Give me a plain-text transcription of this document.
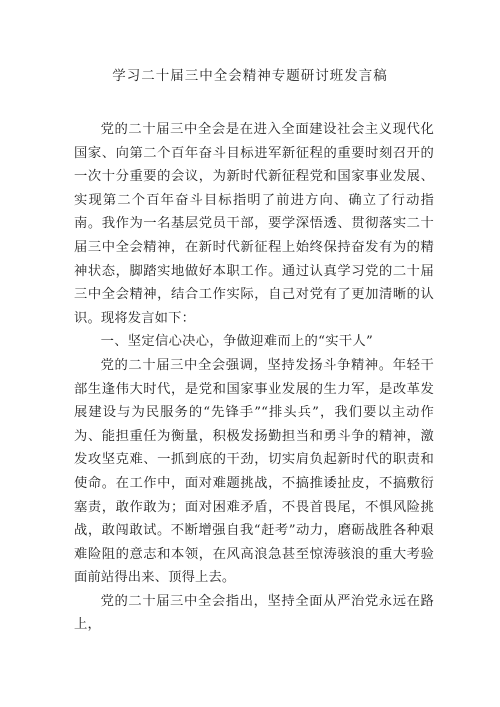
学习二十届三中全会精神专题研讨班发言稿

党的二十届三中全会是在进入全面建设社会主义现代化国家、向第二个百年奋斗目标进军新征程的重要时刻召开的一次十分重要的会议，为新时代新征程党和国家事业发展、实现第二个百年奋斗目标指明了前进方向、确立了行动指南。我作为一名基层党员干部，要学深悟透、贯彻落实二十届三中全会精神，在新时代新征程上始终保持奋发有为的精神状态，脚踏实地做好本职工作。通过认真学习党的二十届三中全会精神，结合工作实际，自己对党有了更加清晰的认识。现将发言如下：

一、坚定信心决心，争做迎难而上的“实干人”

党的二十届三中全会强调，坚持发扬斗争精神。年轻干部生逢伟大时代，是党和国家事业发展的生力军，是改革发展建设与为民服务的“先锋手”“排头兵”，我们要以主动作为、能担重任为衡量，积极发扬勤担当和勇斗争的精神，激发攻坚克难、一抓到底的干劲，切实肩负起新时代的职责和使命。在工作中，面对难题挑战，不搞推诿扯皮，不搞敷衍塞责，敢作敢为；面对困难矛盾，不畏首畏尾，不惧风险挑战，敢闯敢试。不断增强自我“赶考”动力，磨砺战胜各种艰难险阻的意志和本领，在风高浪急甚至惊涛骇浪的重大考验面前站得出来、顶得上去。

党的二十届三中全会指出，坚持全面从严治党永远在路上，
